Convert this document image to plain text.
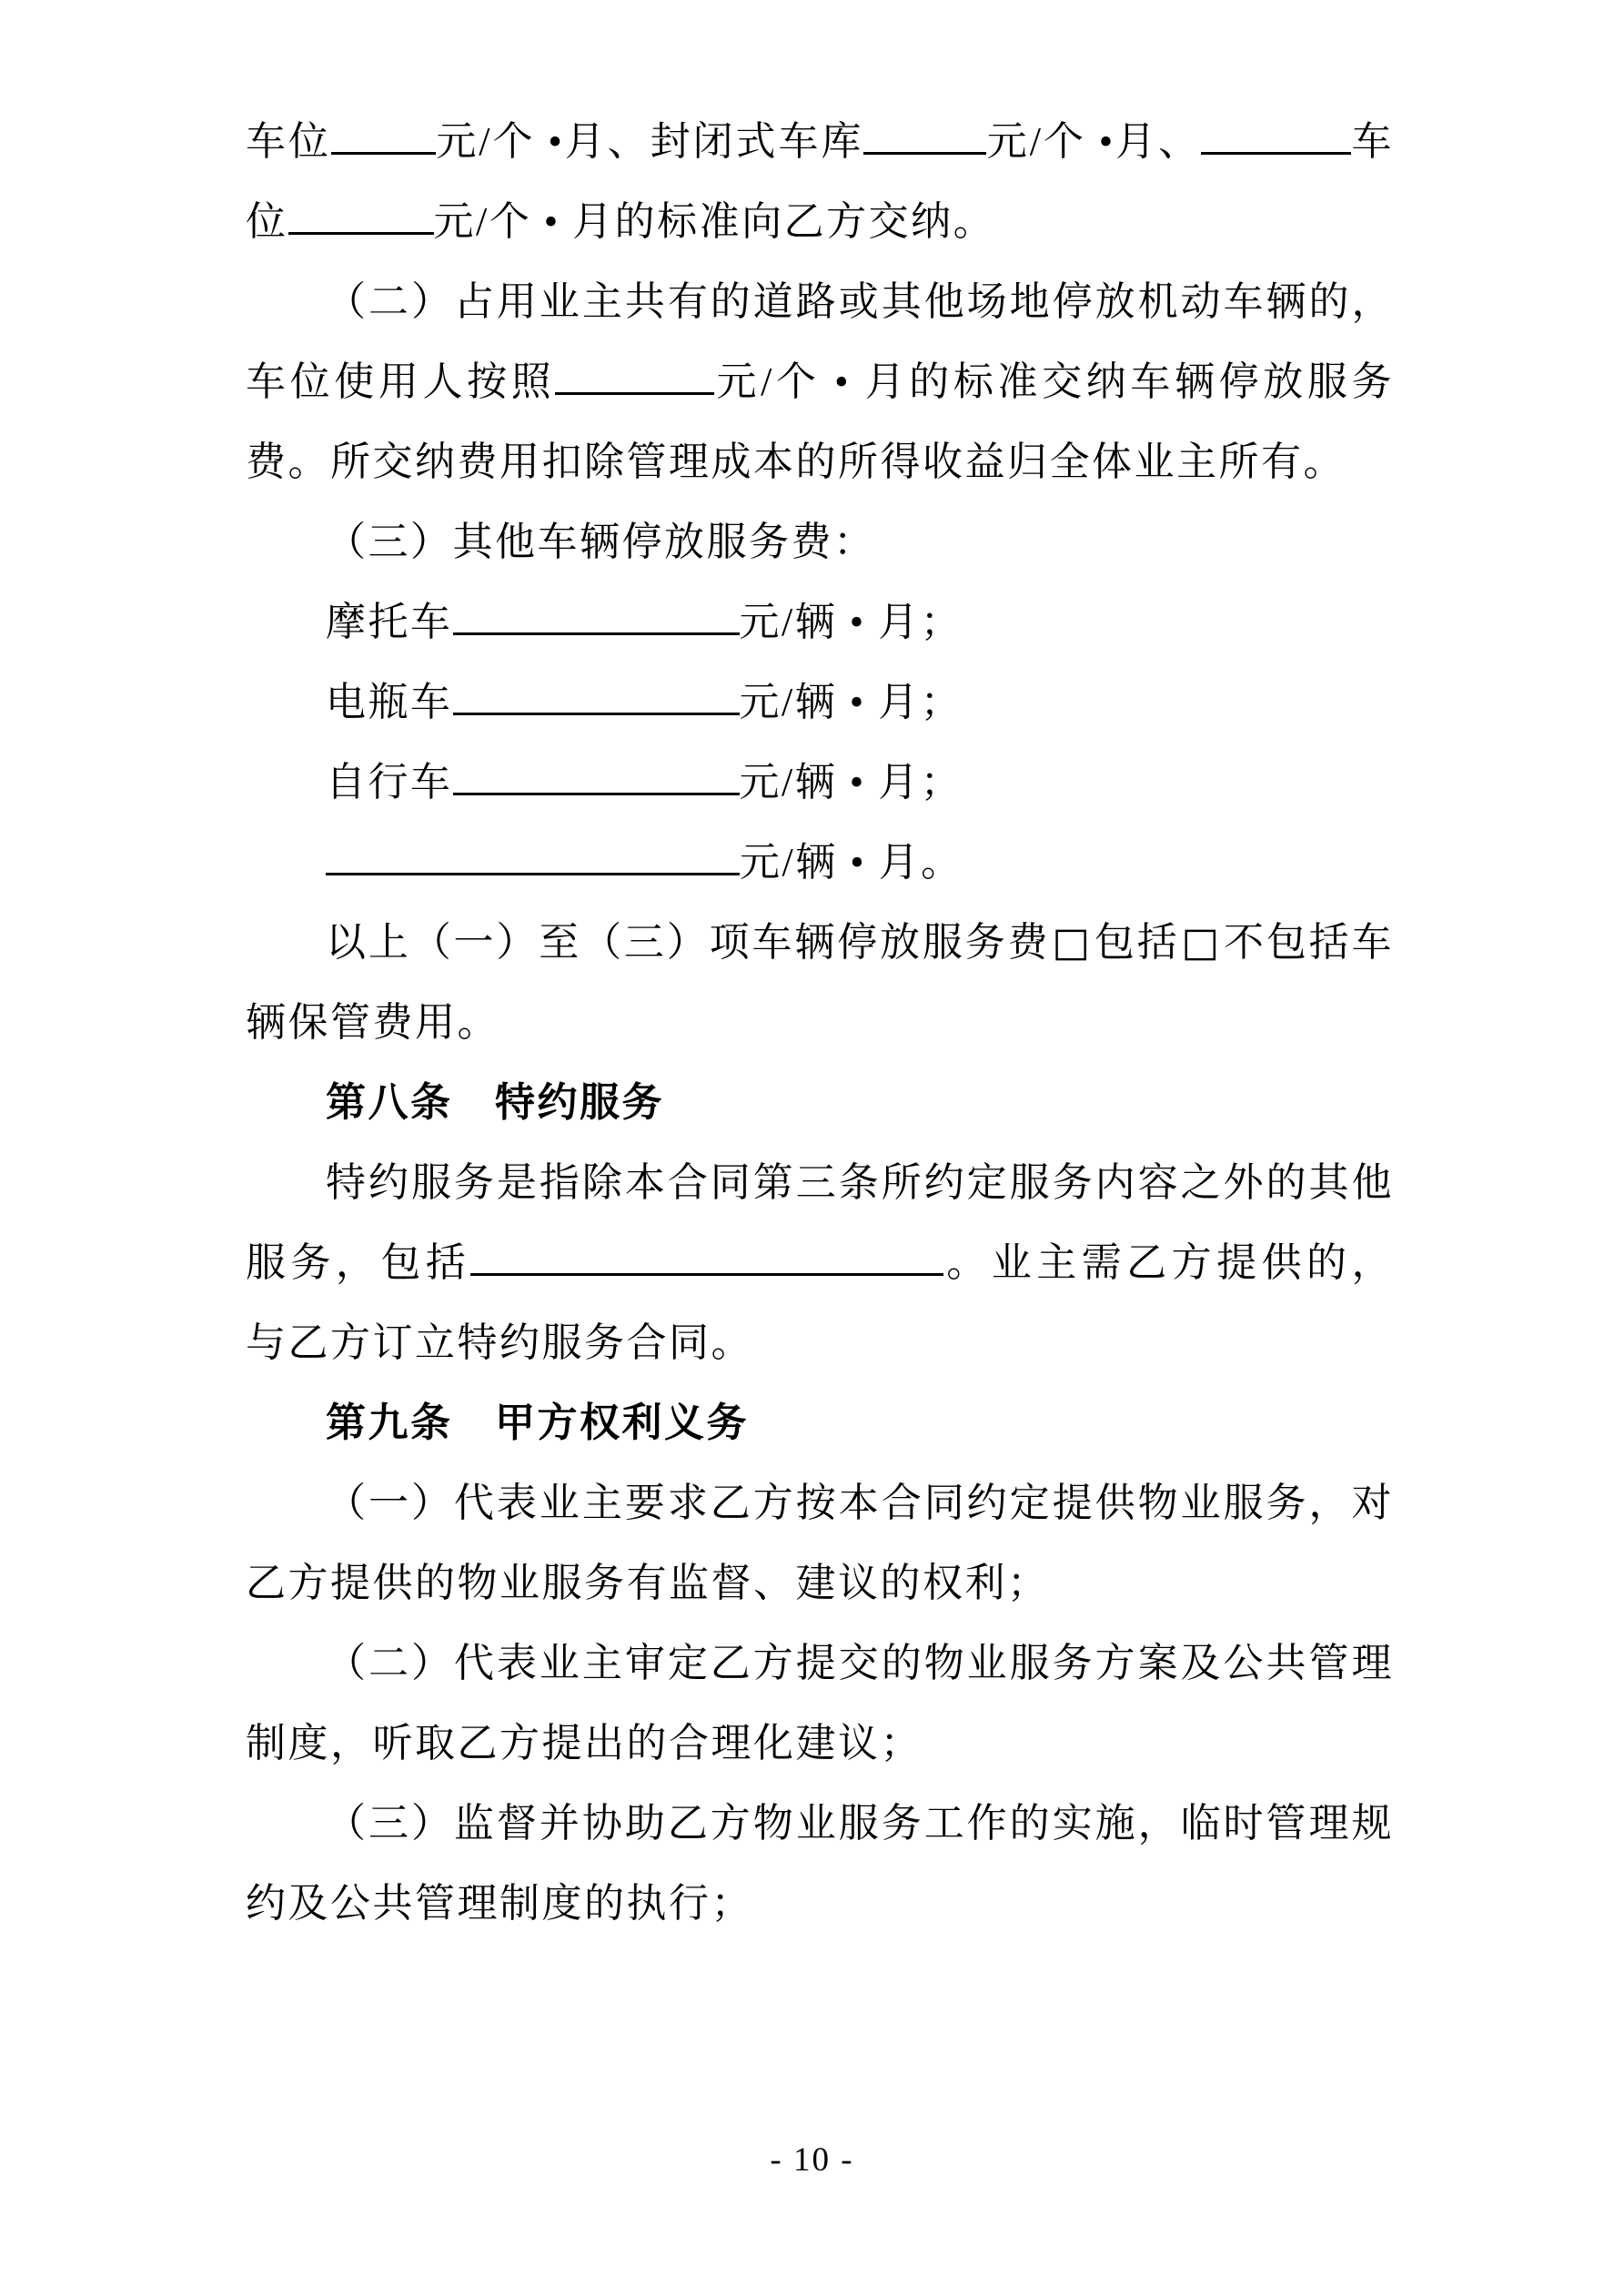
车位	元/个 •月、封闭式车库	元/个 •月、	车位	元/个 • 月的标准向乙方交纳。

（二）占用业主共有的道路或其他场地停放机动车辆的，车位使用人按照	元/个 • 月的标准交纳车辆停放服务费。所交纳费用扣除管理成本的所得收益归全体业主所有。

（三）其他车辆停放服务费：

摩托车	元/辆 • 月；

电瓶车	元/辆 • 月；

自行车	元/辆 • 月；

元/辆 • 月。

以上（一）至（三）项车辆停放服务费□包括□不包括车辆保管费用。

第八条　特约服务

特约服务是指除本合同第三条所约定服务内容之外的其他服务，包括	。业主需乙方提供的，与乙方订立特约服务合同。

第九条　甲方权利义务

（一）代表业主要求乙方按本合同约定提供物业服务，对乙方提供的物业服务有监督、建议的权利；

（二）代表业主审定乙方提交的物业服务方案及公共管理制度，听取乙方提出的合理化建议；

（三）监督并协助乙方物业服务工作的实施，临时管理规约及公共管理制度的执行；

- 10 -
